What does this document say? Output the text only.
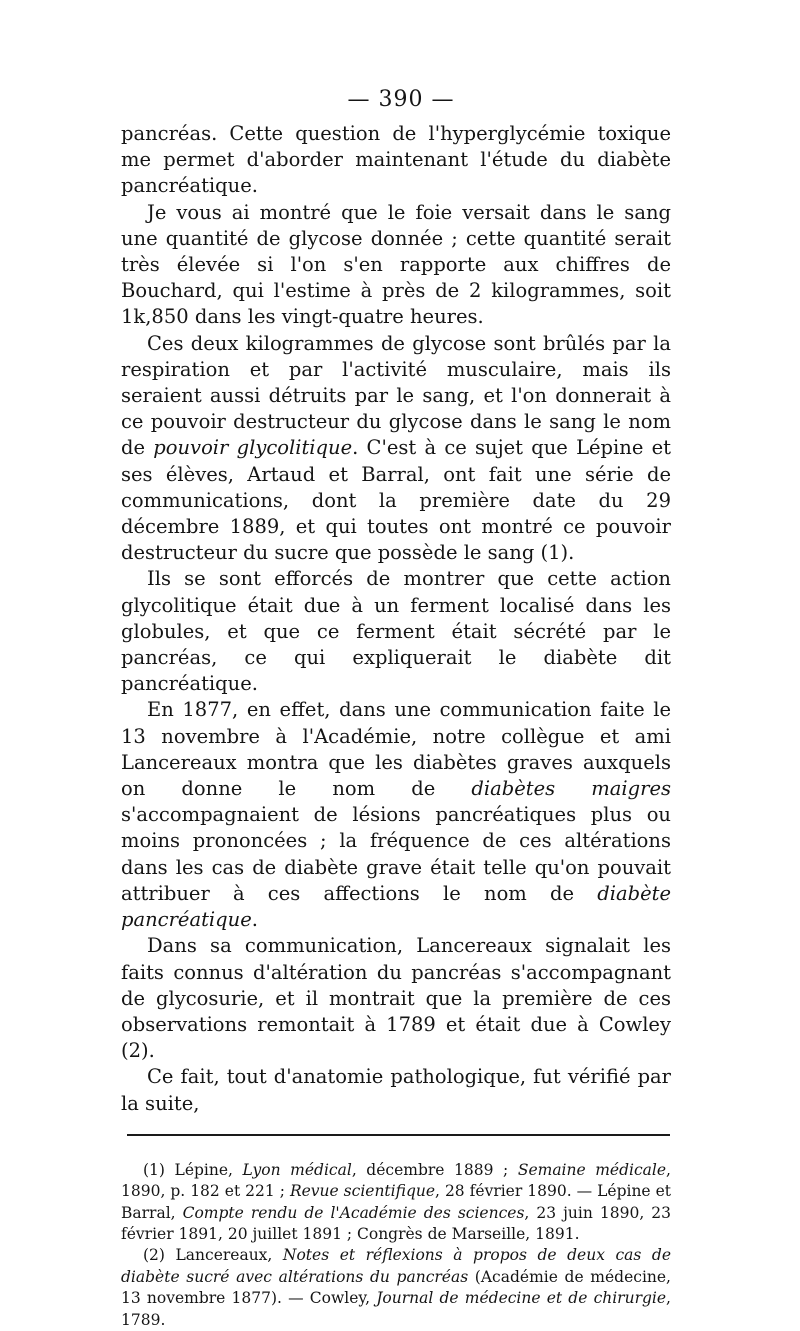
— 390 —

pancréas. Cette question de l'hyperglycémie toxique me permet d'aborder maintenant l'étude du diabète pancréatique.

Je vous ai montré que le foie versait dans le sang une quantité de glycose donnée ; cette quantité serait très élevée si l'on s'en rapporte aux chiffres de Bouchard, qui l'estime à près de 2 kilogrammes, soit 1k,850 dans les vingt-quatre heures.

Ces deux kilogrammes de glycose sont brûlés par la respiration et par l'activité musculaire, mais ils seraient aussi détruits par le sang, et l'on donnerait à ce pouvoir destructeur du glycose dans le sang le nom de pouvoir glycolitique. C'est à ce sujet que Lépine et ses élèves, Artaud et Barral, ont fait une série de communications, dont la première date du 29 décembre 1889, et qui toutes ont montré ce pouvoir destructeur du sucre que possède le sang (1).

Ils se sont efforcés de montrer que cette action glycolitique était due à un ferment localisé dans les globules, et que ce ferment était sécrété par le pancréas, ce qui expliquerait le diabète dit pancréatique.

En 1877, en effet, dans une communication faite le 13 novembre à l'Académie, notre collègue et ami Lancereaux montra que les diabètes graves auxquels on donne le nom de diabètes maigres s'accompagnaient de lésions pancréatiques plus ou moins prononcées ; la fréquence de ces altérations dans les cas de diabète grave était telle qu'on pouvait attribuer à ces affections le nom de diabète pancréatique.

Dans sa communication, Lancereaux signalait les faits connus d'altération du pancréas s'accompagnant de glycosurie, et il montrait que la première de ces observations remontait à 1789 et était due à Cowley (2).

Ce fait, tout d'anatomie pathologique, fut vérifié par la suite,

(1) Lépine, Lyon médical, décembre 1889 ; Semaine médicale, 1890, p. 182 et 221 ; Revue scientifique, 28 février 1890. — Lépine et Barral, Compte rendu de l'Académie des sciences, 23 juin 1890, 23 février 1891, 20 juillet 1891 ; Congrès de Marseille, 1891.

(2) Lancereaux, Notes et réflexions à propos de deux cas de diabète sucré avec altérations du pancréas (Académie de médecine, 13 novembre 1877). — Cowley, Journal de médecine et de chirurgie, 1789.
